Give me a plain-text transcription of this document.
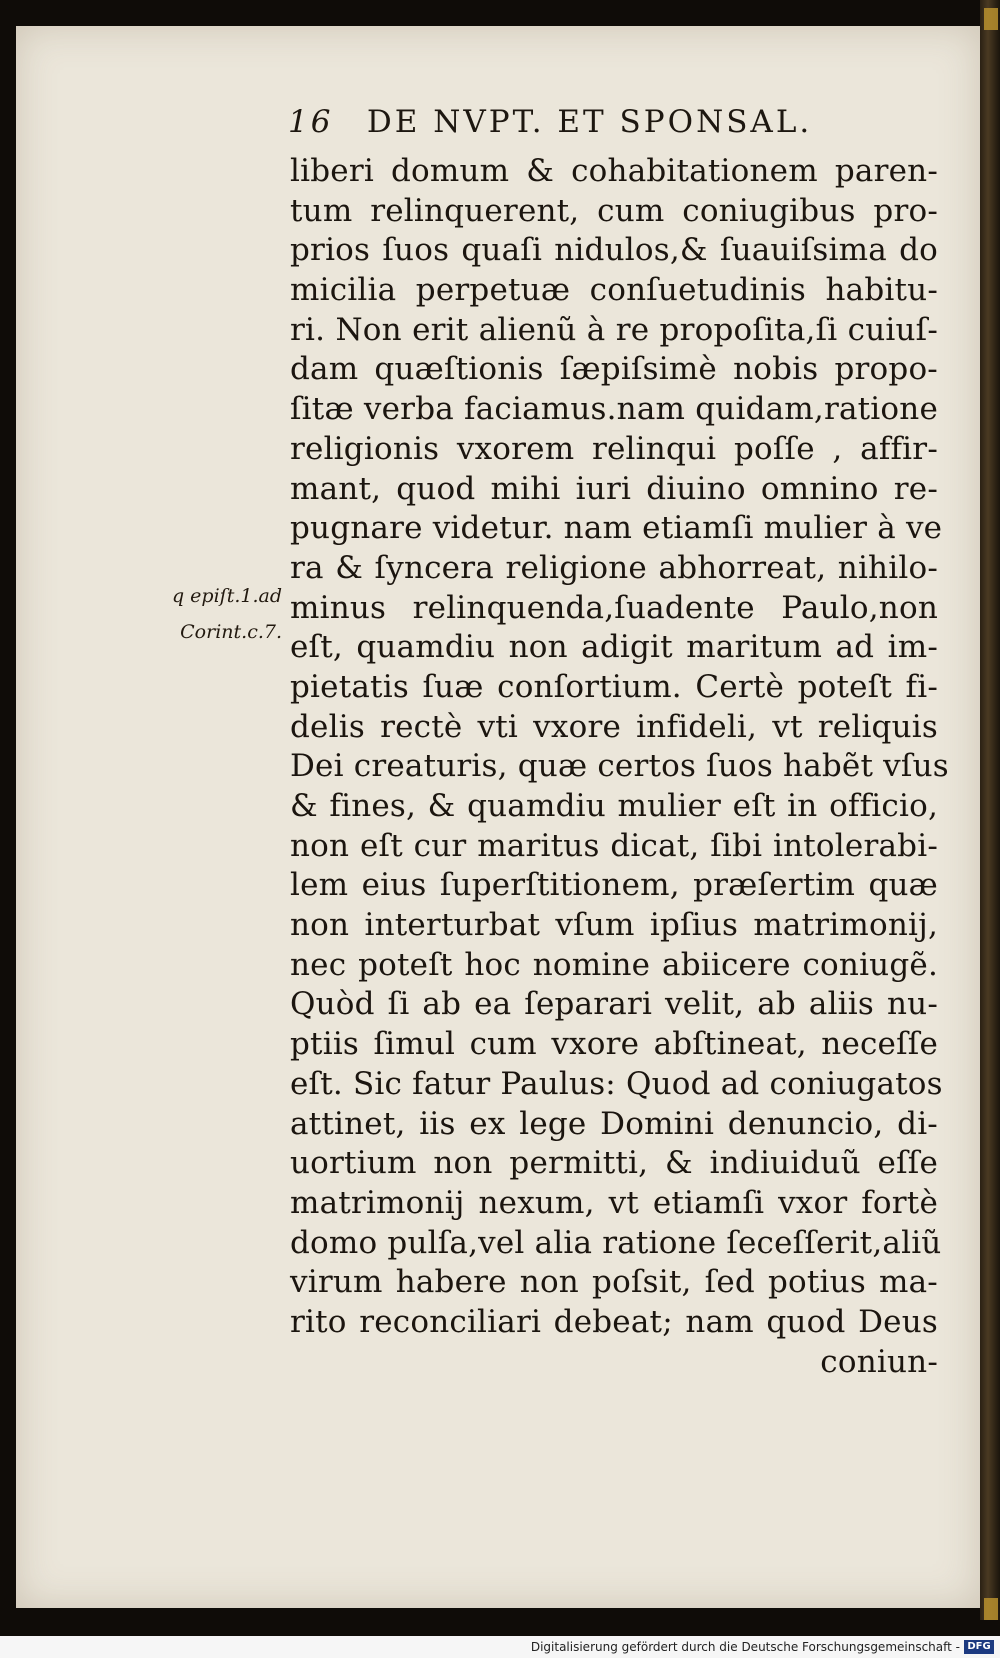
16 DE NVPT. ET SPONSAL.
liberi domum & cohabitationem paren-
tum relinquerent, cum coniugibus pro-
prios ſuos quaſi nidulos,& ſuauiſsima do
micilia perpetuæ conſuetudinis habitu-
ri. Non erit alienũ à re propoſita,ſi cuiuſ-
dam quæſtionis ſæpiſsimè nobis propo-
ſitæ verba faciamus.nam quidam,ratione
religionis vxorem relinqui poſſe , affir-
mant, quod mihi iuri diuino omnino re-
pugnare videtur. nam etiamſi mulier à ve
ra & ſyncera religione abhorreat, nihilo-
minus relinquenda,ſuadente Paulo,non
eſt, quamdiu non adigit maritum ad im-
pietatis ſuæ conſortium. Certè poteſt fi-
delis rectè vti vxore infideli, vt reliquis
Dei creaturis, quæ certos ſuos habẽt vſus
& fines, & quamdiu mulier eſt in officio,
non eſt cur maritus dicat, ſibi intolerabi-
lem eius ſuperſtitionem, præſertim quæ
non interturbat vſum ipſius matrimonij,
nec poteſt hoc nomine abiicere coniugẽ.
Quòd ſi ab ea ſeparari velit, ab aliis nu-
ptiis ſimul cum vxore abſtineat, neceſſe
eſt. Sic fatur Paulus: Quod ad coniugatos
attinet, iis ex lege Domini denuncio, di-
uortium non permitti, & indiuiduũ eſſe
matrimonij nexum, vt etiamſi vxor fortè
domo pulſa,vel alia ratione ſeceſſerit,aliũ
virum habere non poſsit, ſed potius ma-
rito reconciliari debeat; nam quod Deus
coniun-
q epiſt.1.ad
Corint.c.7.
Digitalisierung gefördert durch die Deutsche Forschungsgemeinschaft - DFG
